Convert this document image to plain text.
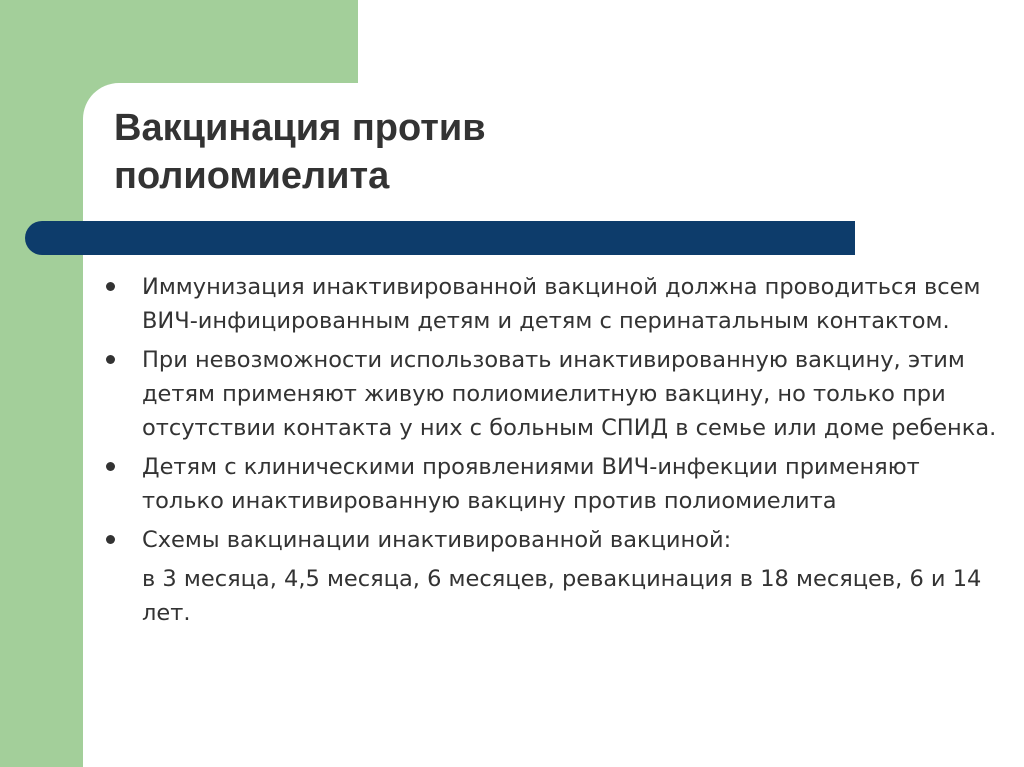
Вакцинация против
полиомиелита
Иммунизация инактивированной вакциной должна проводиться всем ВИЧ-инфицированным детям и детям с перинатальным контактом.
При невозможности использовать инактивированную вакцину, этим детям применяют живую полиомиелитную вакцину, но только при отсутствии контакта у них с больным СПИД в семье или доме ребенка.
Детям с клиническими проявлениями ВИЧ-инфекции применяют только инактивированную вакцину против полиомиелита
Схемы вакцинации инактивированной вакциной:
в 3 месяца, 4,5 месяца, 6 месяцев, ревакцинация в 18 месяцев, 6 и 14 лет.
